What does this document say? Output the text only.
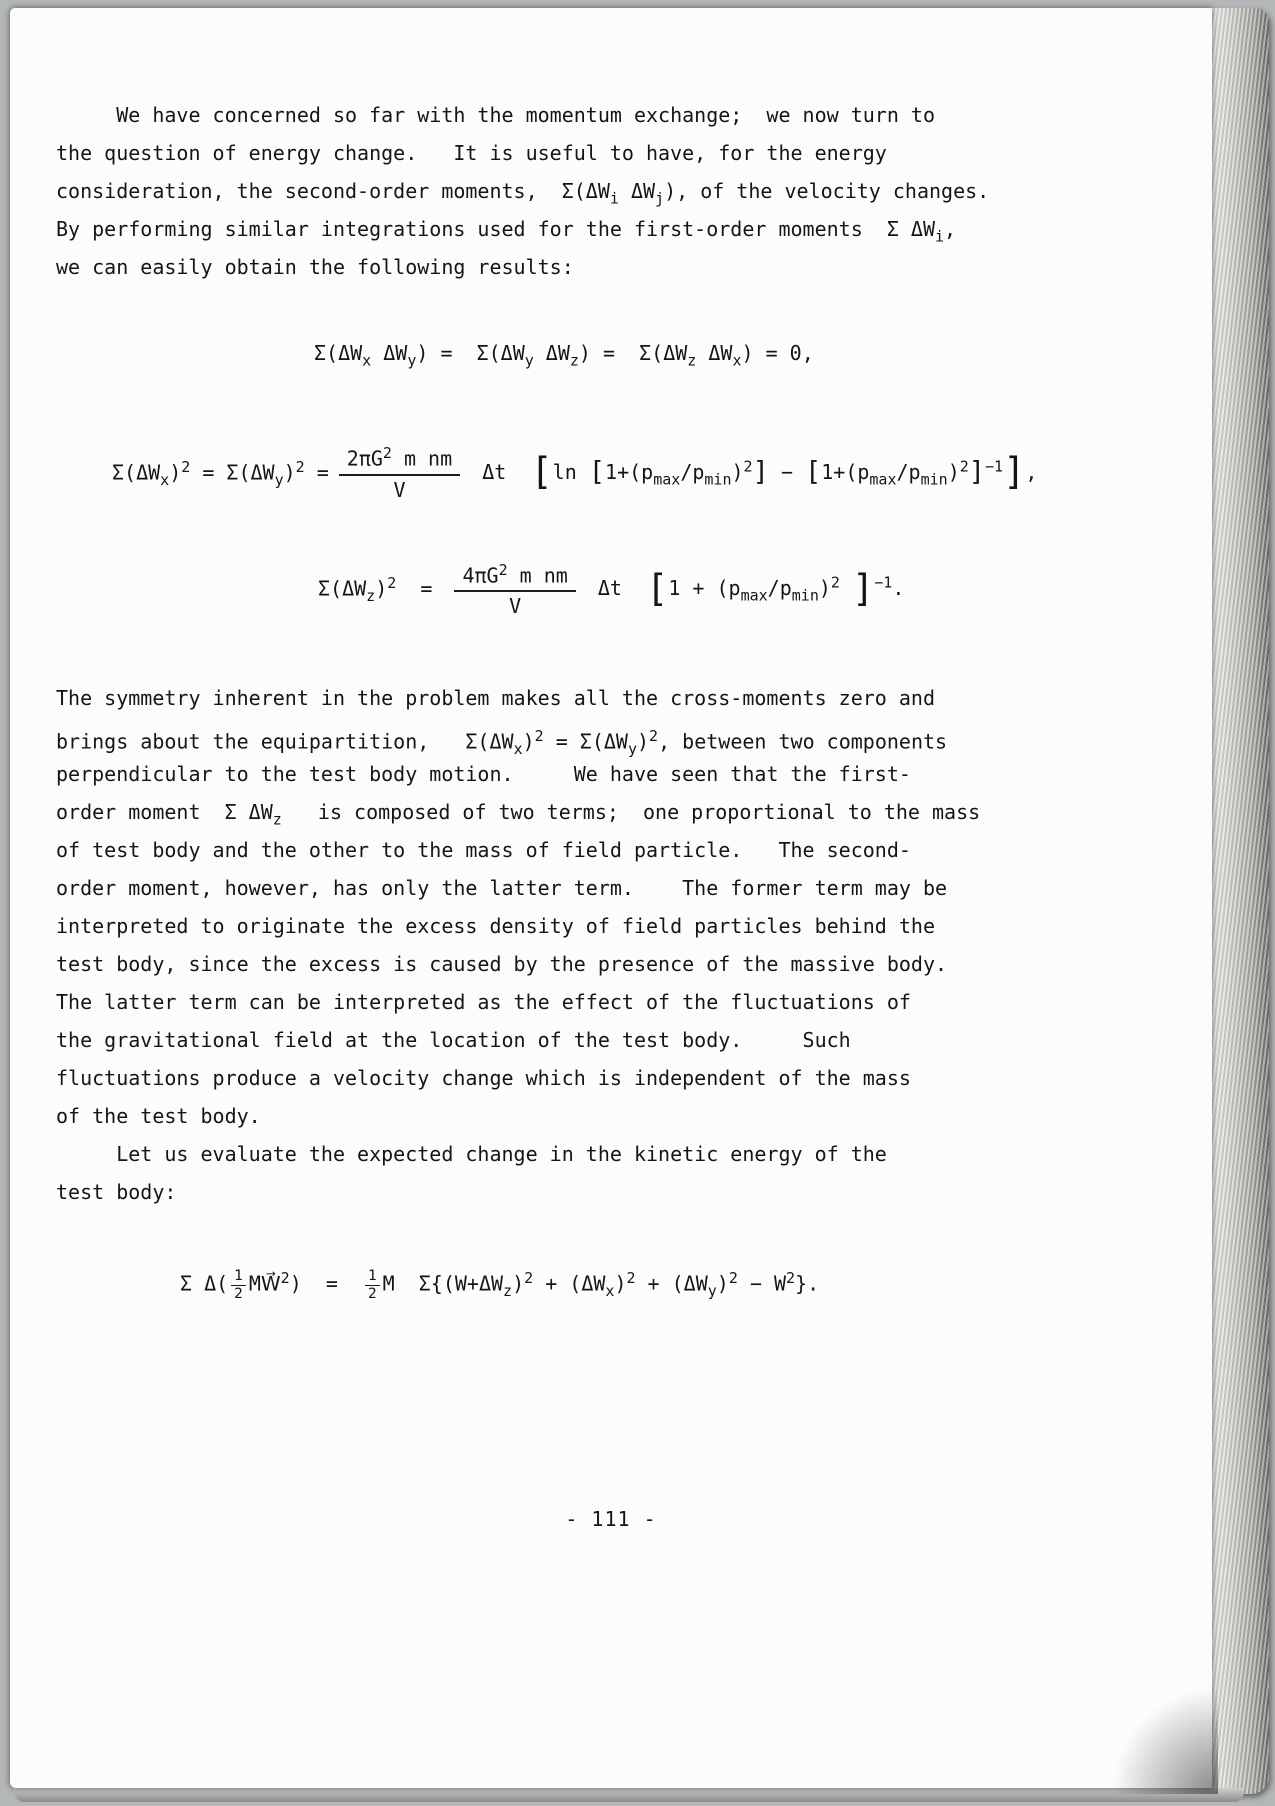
We have concerned so far with the momentum exchange;  we now turn to
the question of energy change.   It is useful to have, for the energy
consideration, the second-order moments,  $\Sigma(\Delta W_i$ $\Delta W_j$), of the velocity changes.
By performing similar integrations used for the first-order moments  Σ $\Delta W_i$,
we can easily obtain the following results:
$\Sigma(\Delta W_x$ $\Delta W_y) = \Sigma(\Delta W_y$ $\Delta W_z) = \Sigma(\Delta W_z$ $\Delta W_x) = 0$,
$\Sigma(\Delta W_x)^2 = \Sigma(\Delta W_y)^2 = \frac{2\pi G^2 m nm}{V}$ Δt  [ln $[1+(p_{max}/p_{min})^2] - [1+(p_{max}/p_{min})^2]^{-1}$],
$\Sigma(\Delta W_z)^2 = \frac{4\pi G^2 m nm}{V}$ Δt  [$1 + (p_{max}/p_{min})^2$ ]$^{-1}$.
The symmetry inherent in the problem makes all the cross-moments zero and
brings about the equipartition,   $\Sigma(\Delta W_x)^2 = \Sigma(\Delta W_y)^2$, between two components
perpendicular to the test body motion.     We have seen that the first-
order moment  Σ $\Delta W_z$   is composed of two terms;  one proportional to the mass
of test body and the other to the mass of field particle.   The second-
order moment, however, has only the latter term.    The former term may be
interpreted to originate the excess density of field particles behind the
test body, since the excess is caused by the presence of the massive body.
The latter term can be interpreted as the effect of the fluctuations of
the gravitational field at the location of the test body.     Such
fluctuations produce a velocity change which is independent of the mass
of the test body.
Let us evaluate the expected change in the kinetic energy of the
test body:
Σ $\Delta( \frac{1}{2}$ MW⃗$^2$)  = $\frac{1}{2}$ M  $\Sigma\{(W+\Delta W_z)^2 + (\Delta W_x)^2 + (\Delta W_y)^2 - W^2\}$.
- 111 -
